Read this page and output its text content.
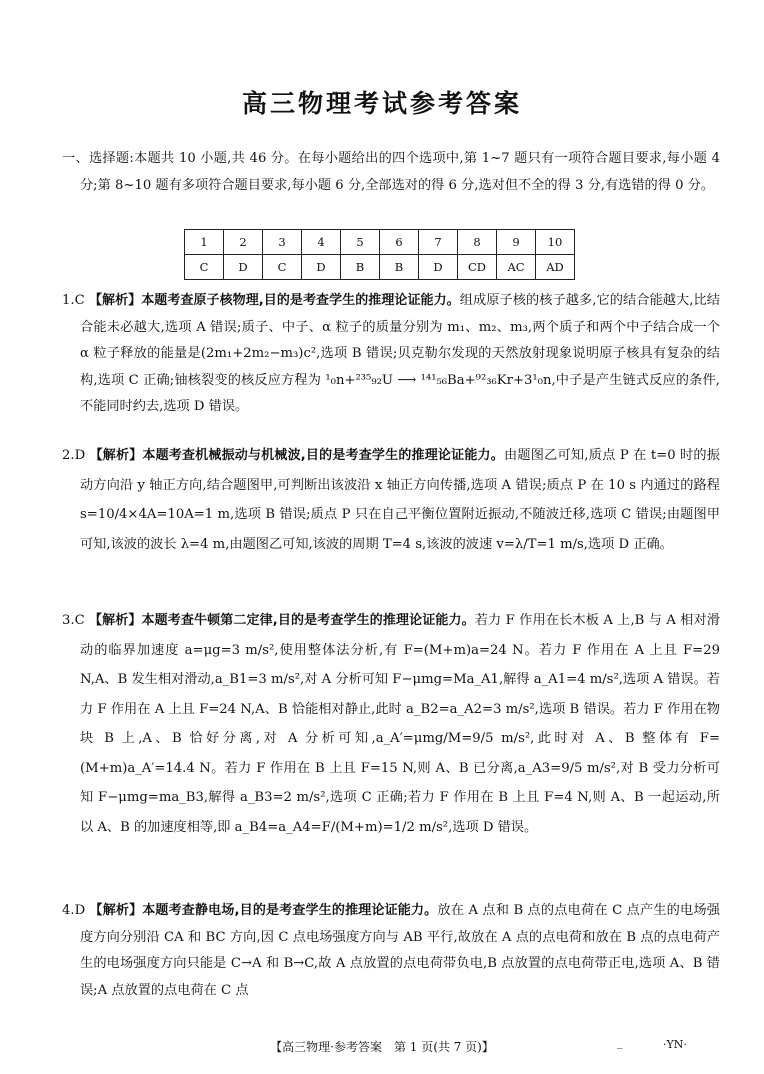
高三物理考试参考答案
一、选择题:本题共 10 小题,共 46 分。在每小题给出的四个选项中,第 1~7 题只有一项符合题目要求,每小题 4 分;第 8~10 题有多项符合题目要求,每小题 6 分,全部选对的得 6 分,选对但不全的得 3 分,有选错的得 0 分。
1	2	3	4	5	6	7	8	9	10
C	D	C	D	B	B	D	CD	AC	AD
1.C 【解析】本题考查原子核物理,目的是考查学生的推理论证能力。组成原子核的核子越多,它的结合能越大,比结合能未必越大,选项 A 错误;质子、中子、α 粒子的质量分别为 m₁、m₂、m₃,两个质子和两个中子结合成一个 α 粒子释放的能量是(2m₁+2m₂−m₃)c²,选项 B 错误;贝克勒尔发现的天然放射现象说明原子核具有复杂的结构,选项 C 正确;铀核裂变的核反应方程为 ¹₀n+²³⁵₉₂U ⟶ ¹⁴¹₅₆Ba+⁹²₃₆Kr+3¹₀n,中子是产生链式反应的条件,不能同时约去,选项 D 错误。
2.D 【解析】本题考查机械振动与机械波,目的是考查学生的推理论证能力。由题图乙可知,质点 P 在 t=0 时的振动方向沿 y 轴正方向,结合题图甲,可判断出该波沿 x 轴正方向传播,选项 A 错误;质点 P 在 10 s 内通过的路程 s=10/4×4A=10A=1 m,选项 B 错误;质点 P 只在自己平衡位置附近振动,不随波迁移,选项 C 错误;由题图甲可知,该波的波长 λ=4 m,由题图乙可知,该波的周期 T=4 s,该波的波速 v=λ/T=1 m/s,选项 D 正确。
3.C 【解析】本题考查牛顿第二定律,目的是考查学生的推理论证能力。若力 F 作用在长木板 A 上,B 与 A 相对滑动的临界加速度 a=μg=3 m/s²,使用整体法分析,有 F=(M+m)a=24 N。若力 F 作用在 A 上且 F=29 N,A、B 发生相对滑动,a_B1=3 m/s²,对 A 分析可知 F−μmg=Ma_A1,解得 a_A1=4 m/s²,选项 A 错误。若力 F 作用在 A 上且 F=24 N,A、B 恰能相对静止,此时 a_B2=a_A2=3 m/s²,选项 B 错误。若力 F 作用在物块 B 上,A、B 恰好分离,对 A 分析可知,a_A′=μmg/M=9/5 m/s²,此时对 A、B 整体有 F=(M+m)a_A′=14.4 N。若力 F 作用在 B 上且 F=15 N,则 A、B 已分离,a_A3=9/5 m/s²,对 B 受力分析可知 F−μmg=ma_B3,解得 a_B3=2 m/s²,选项 C 正确;若力 F 作用在 B 上且 F=4 N,则 A、B 一起运动,所以 A、B 的加速度相等,即 a_B4=a_A4=F/(M+m)=1/2 m/s²,选项 D 错误。
4.D 【解析】本题考查静电场,目的是考查学生的推理论证能力。放在 A 点和 B 点的点电荷在 C 点产生的电场强度方向分别沿 CA 和 BC 方向,因 C 点电场强度方向与 AB 平行,故放在 A 点的点电荷和放在 B 点的点电荷产生的电场强度方向只能是 C→A 和 B→C,故 A 点放置的点电荷带负电,B 点放置的点电荷带正电,选项 A、B 错误;A 点放置的点电荷在 C 点
【高三物理·参考答案　第 1 页(共 7 页)】	_	·YN·
